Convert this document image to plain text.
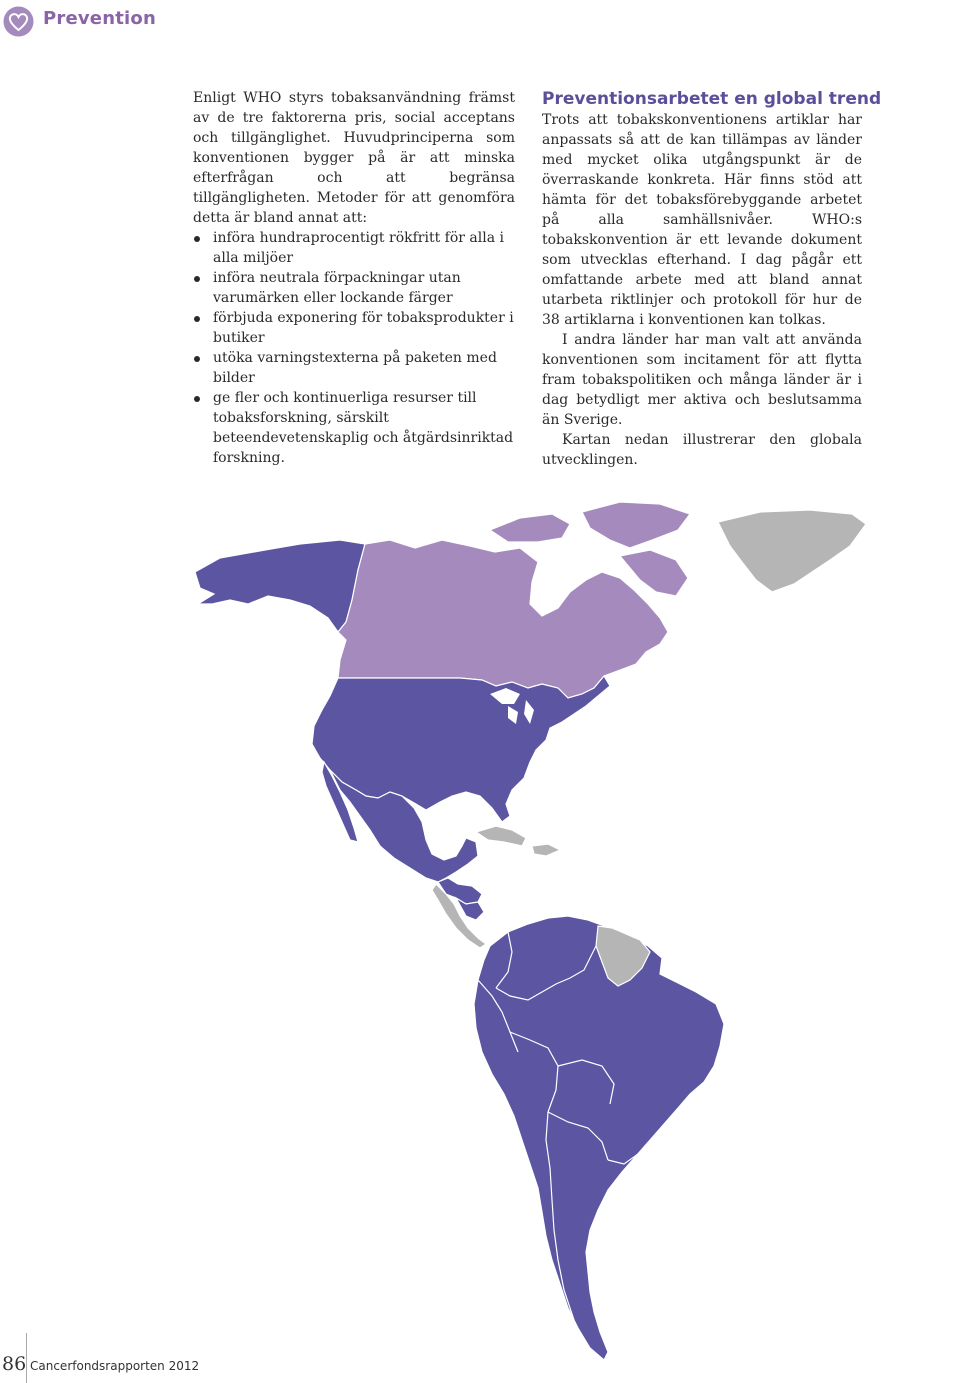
Prevention

Enligt WHO styrs tobaksanvändning främst av de tre faktorerna pris, social acceptans och tillgänglighet. Huvudprinciperna som konventionen bygger på är att minska efterfrågan och att begränsa tillgängligheten. Metoder för att genomföra detta är bland annat att:

införa hundraprocentigt rökfritt för alla i alla miljöer
införa neutrala förpackningar utan varumärken eller lockande färger
förbjuda exponering för tobaksprodukter i butiker
utöka varningstexterna på paketen med bilder
ge fler och kontinuerliga resurser till tobaksforskning, särskilt beteendevetenskaplig och åtgärdsinriktad forskning.
Preventionsarbetet en global trend

Trots att tobakskonventionens artiklar har anpassats så att de kan tillämpas av länder med mycket olika utgångspunkt är de överraskande konkreta. Här finns stöd att hämta för det tobaksförebyggande arbetet på alla samhällsnivåer. WHO:s tobakskonvention är ett levande dokument som utvecklas efterhand. I dag pågår ett omfattande arbete med att bland annat utarbeta riktlinjer och protokoll för hur de 38 artiklarna i konventionen kan tolkas.

I andra länder har man valt att använda konventionen som incitament för att flytta fram tobakspolitiken och många länder är i dag betydligt mer aktiva och beslutsamma än Sverige.

Kartan nedan illustrerar den globala utvecklingen.

86 Cancerfondsrapporten 2012
